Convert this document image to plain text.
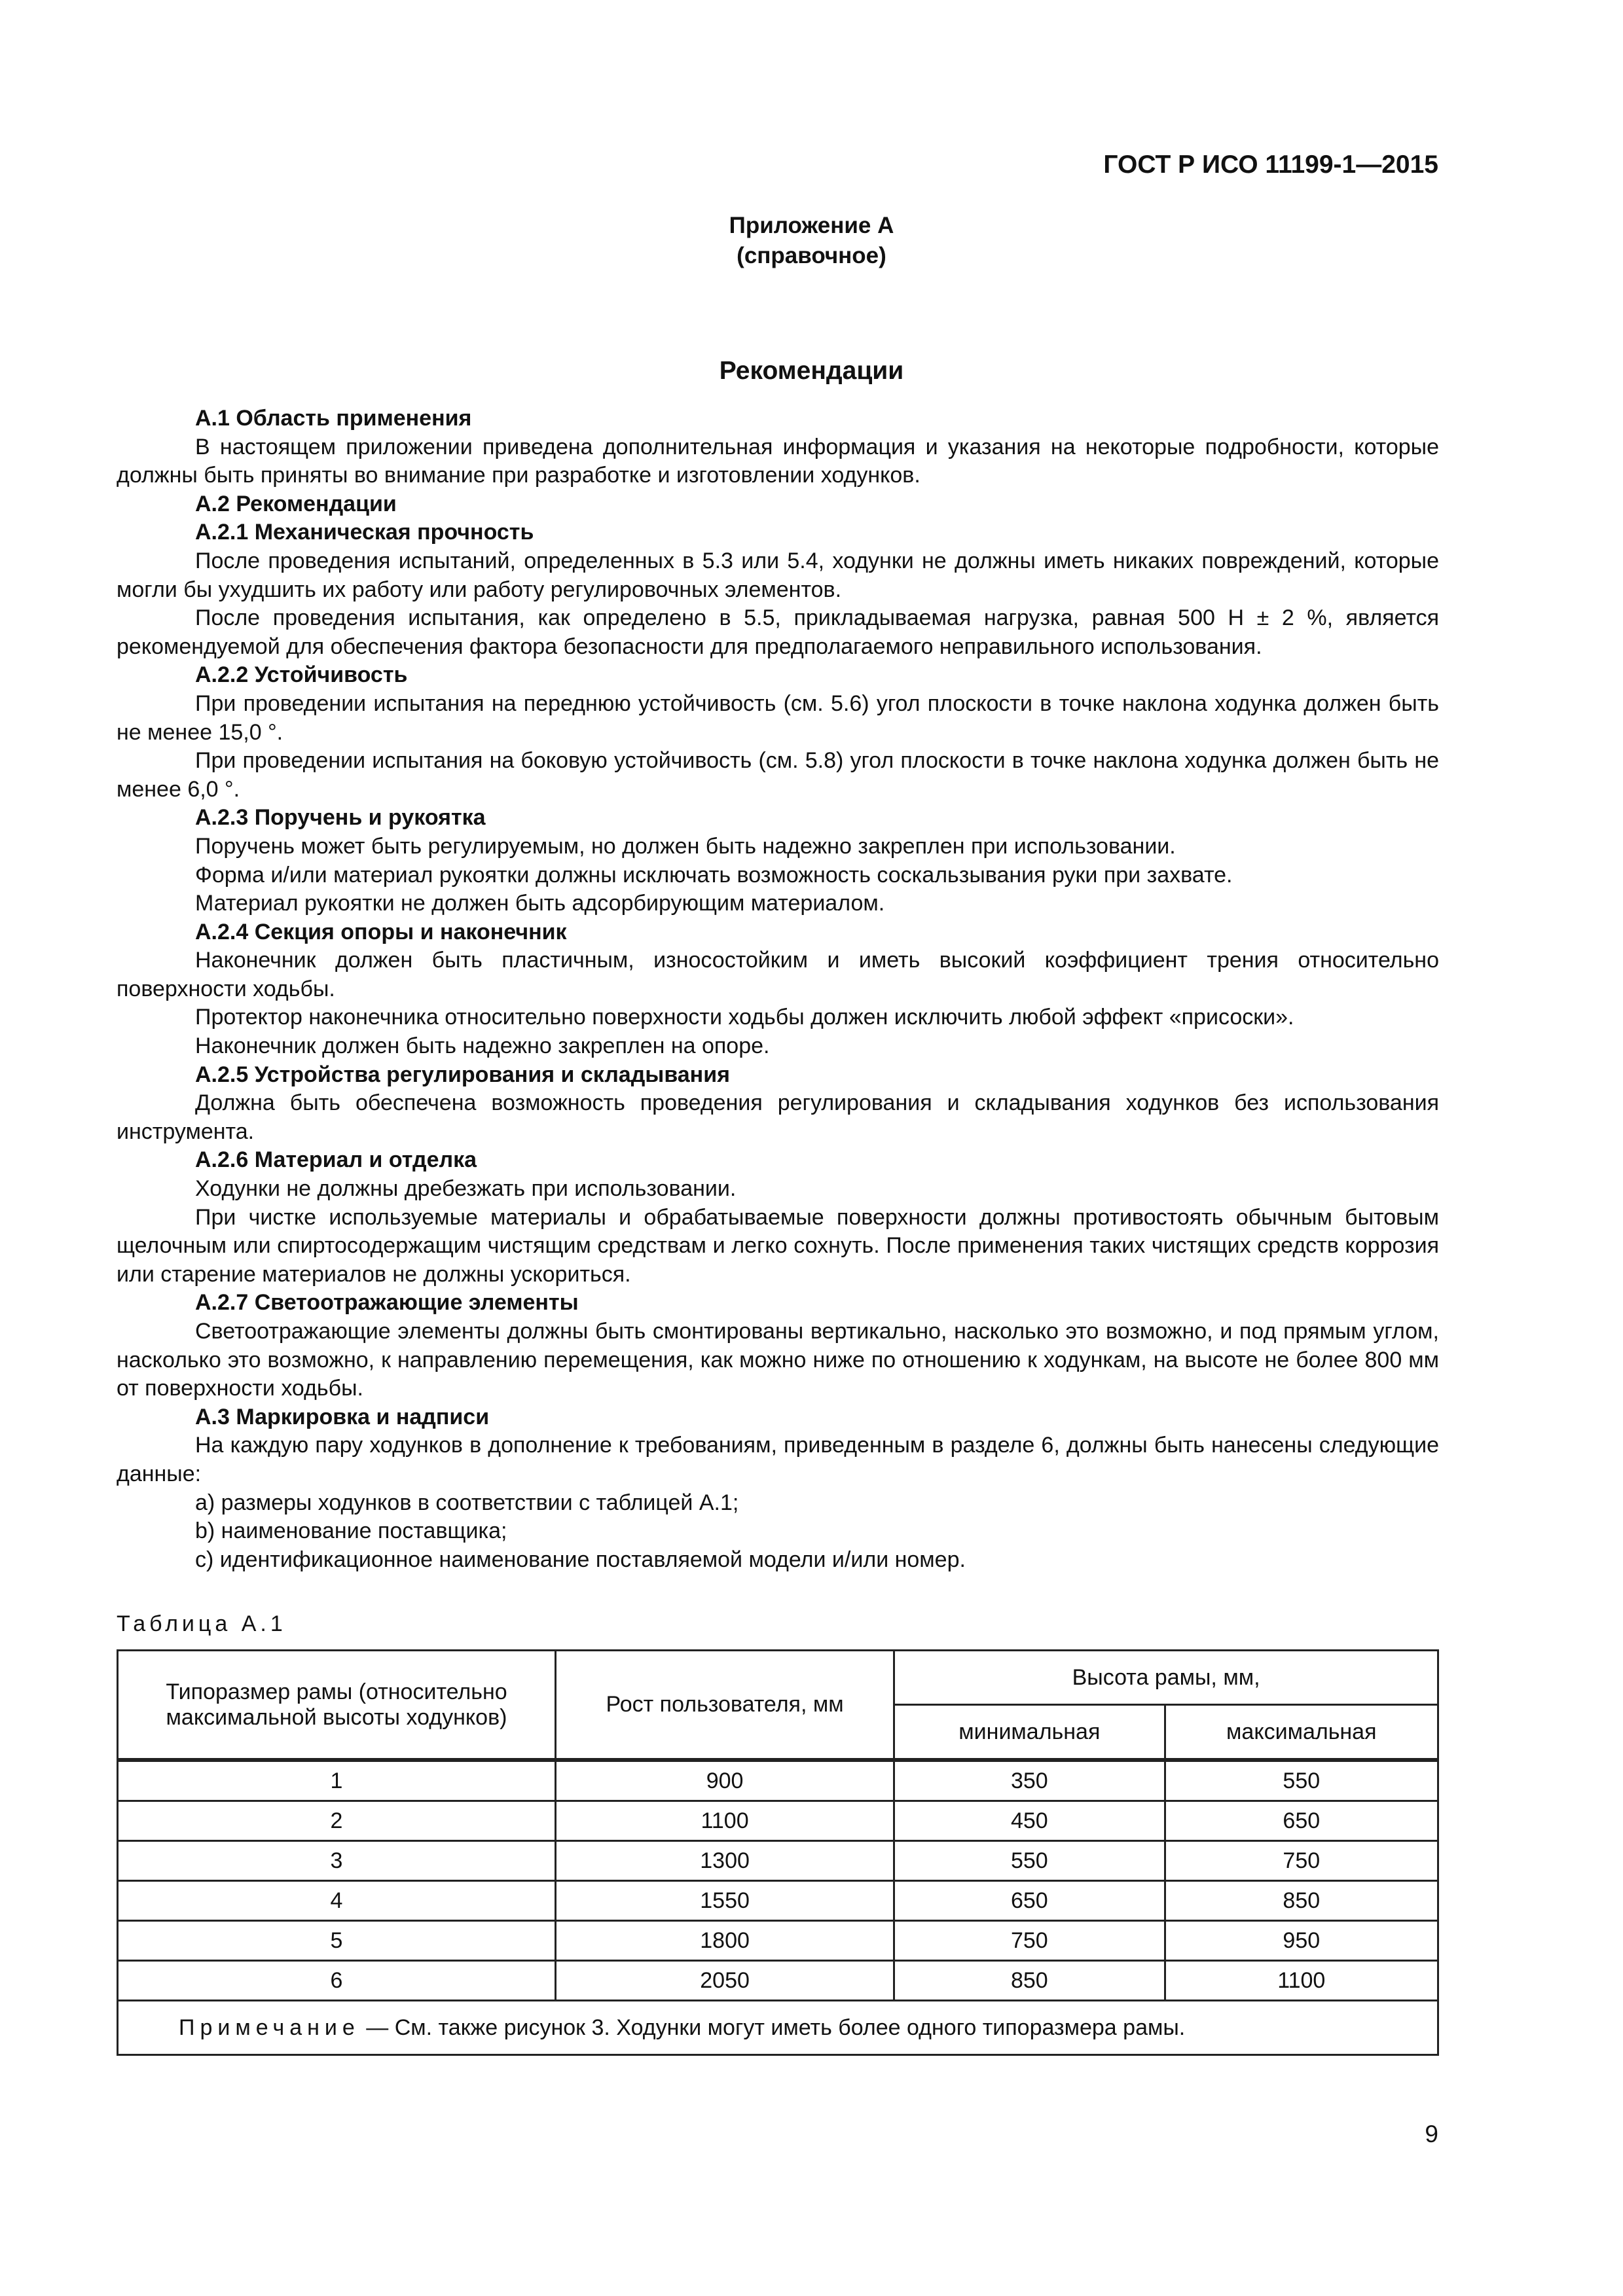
ГОСТ Р ИСО 11199-1—2015
Приложение А
(справочное)
Рекомендации

А.1 Область применения

В настоящем приложении приведена дополнительная информация и указания на некоторые подробности, которые должны быть приняты во внимание при разработке и изготовлении ходунков.

А.2 Рекомендации

А.2.1 Механическая прочность

После проведения испытаний, определенных в 5.3 или 5.4, ходунки не должны иметь никаких повреждений, которые могли бы ухудшить их работу или работу регулировочных элементов.

После проведения испытания, как определено в 5.5, прикладываемая нагрузка, равная 500 Н ± 2 %, является рекомендуемой для обеспечения фактора безопасности для предполагаемого неправильного использования.

А.2.2 Устойчивость

При проведении испытания на переднюю устойчивость (см. 5.6) угол плоскости в точке наклона ходунка должен быть не менее 15,0 °.

При проведении испытания на боковую устойчивость (см. 5.8) угол плоскости в точке наклона ходунка должен быть не менее 6,0 °.

А.2.3 Поручень и рукоятка

Поручень может быть регулируемым, но должен быть надежно закреплен при использовании.

Форма и/или материал рукоятки должны исключать возможность соскальзывания руки при захвате.

Материал рукоятки не должен быть адсорбирующим материалом.

А.2.4 Секция опоры и наконечник

Наконечник должен быть пластичным, износостойким и иметь высокий коэффициент трения относительно поверхности ходьбы.

Протектор наконечника относительно поверхности ходьбы должен исключить любой эффект «присоски».

Наконечник должен быть надежно закреплен на опоре.

А.2.5 Устройства регулирования и складывания

Должна быть обеспечена возможность проведения регулирования и складывания ходунков без использования инструмента.

А.2.6 Материал и отделка

Ходунки не должны дребезжать при использовании.

При чистке используемые материалы и обрабатываемые поверхности должны противостоять обычным бытовым щелочным или спиртосодержащим чистящим средствам и легко сохнуть. После применения таких чистящих средств коррозия или старение материалов не должны ускориться.

А.2.7 Светоотражающие элементы

Светоотражающие элементы должны быть смонтированы вертикально, насколько это возможно, и под прямым углом, насколько это возможно, к направлению перемещения, как можно ниже по отношению к ходункам, на высоте не более 800 мм от поверхности ходьбы.

А.3 Маркировка и надписи

На каждую пару ходунков в дополнение к требованиям, приведенным в разделе 6, должны быть нанесены следующие данные:

a) размеры ходунков в соответствии с таблицей А.1;

b) наименование поставщика;

c) идентификационное наименование поставляемой модели и/или номер.

Таблица А.1
Типоразмер рамы (относительно максимальной высоты ходунков)	Рост пользователя, мм	Высота рамы, мм,	
		минимальная	максимальная
1	900	350	550
2	1100	450	650
3	1300	550	750
4	1550	650	850
5	1800	750	950
6	2050	850	1100
Примечание — См. также рисунок 3. Ходунки могут иметь более одного типоразмера рамы.			
9
